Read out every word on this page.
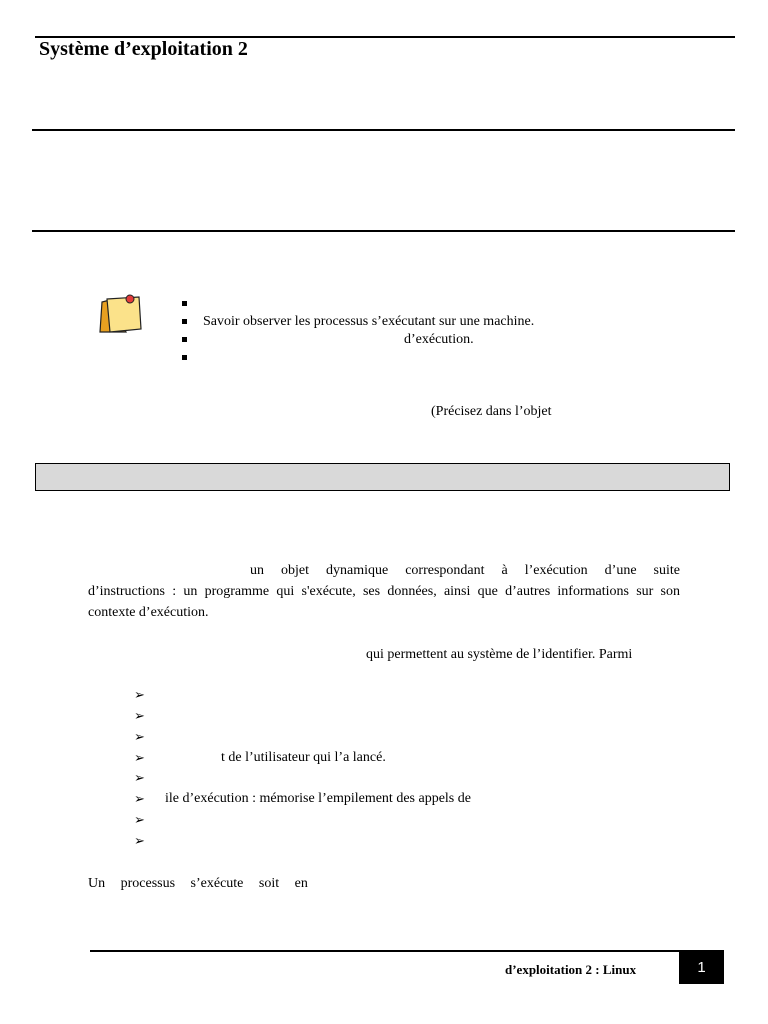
Système d’exploitation 2
Savoir observer les processus s’exécutant sur une machine.
d’exécution.
(Précisez dans l’objet
un objet dynamique correspondant à l’exécution d’une suite
d’instructions : un programme qui s'exécute, ses données, ainsi que d’autres informations sur son contexte d’exécution.
qui permettent au système de l’identifier. Parmi
➢
➢
➢
➢	t de l’utilisateur qui l’a lancé.
➢
➢ ile d’exécution : mémorise l’empilement des appels de
➢
➢
Un processus s’exécute soit en
d’exploitation 2 : Linux	1
